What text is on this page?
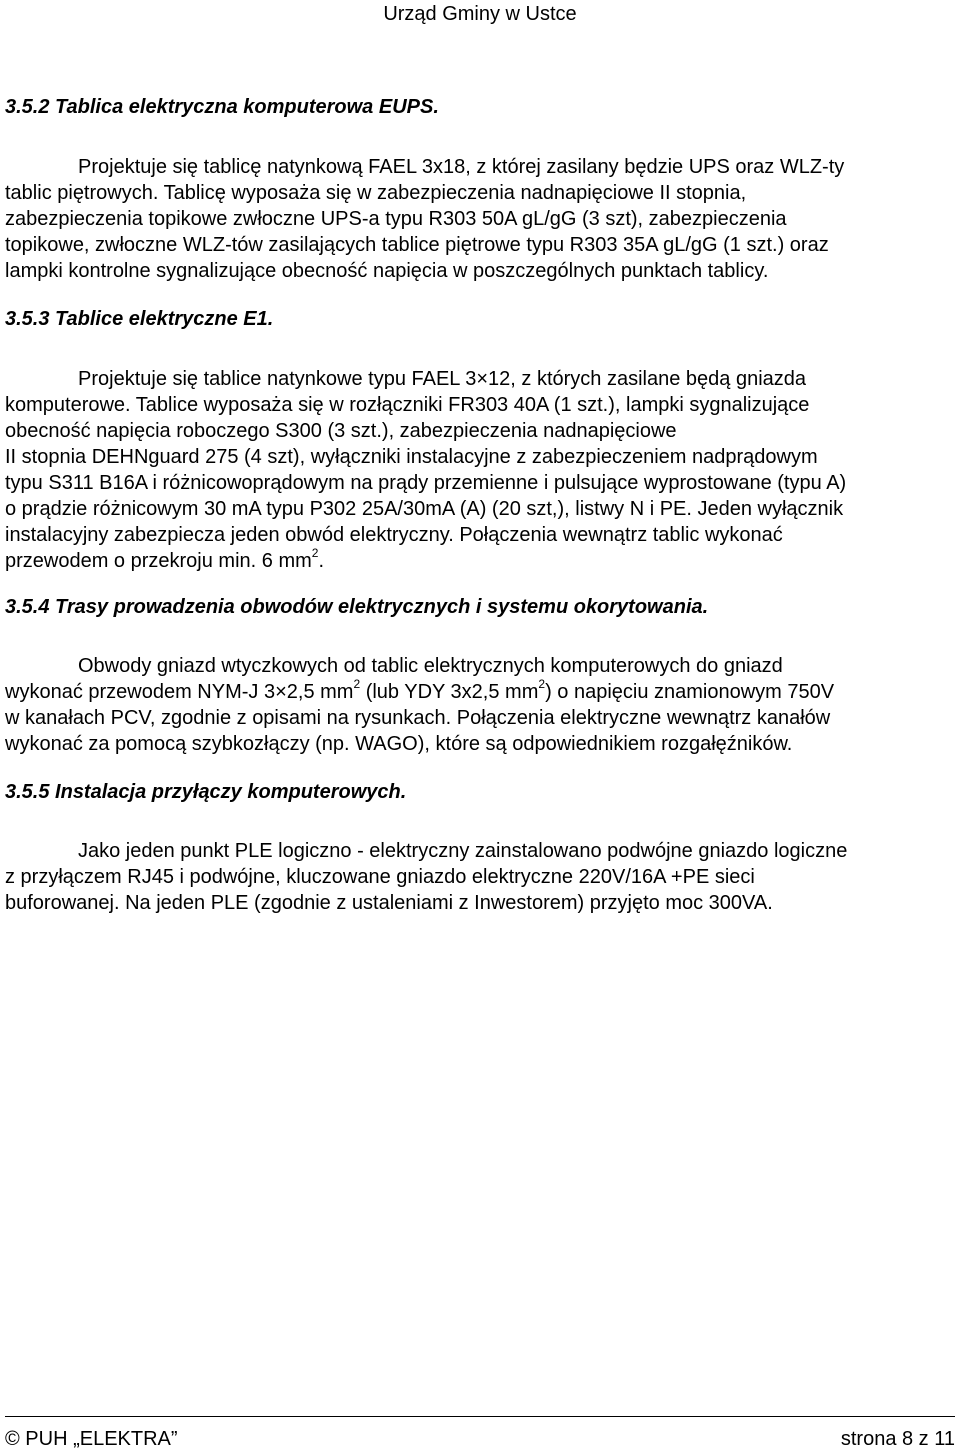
Urząd Gminy w Ustce
3.5.2 Tablica elektryczna komputerowa EUPS.
Projektuje się tablicę natynkową FAEL 3x18, z której zasilany będzie UPS oraz WLZ-ty
tablic piętrowych. Tablicę wyposaża się w zabezpieczenia nadnapięciowe II stopnia,
zabezpieczenia topikowe zwłoczne UPS-a typu R303 50A gL/gG (3 szt), zabezpieczenia
topikowe, zwłoczne WLZ-tów zasilających tablice piętrowe typu R303 35A gL/gG (1 szt.) oraz
lampki kontrolne sygnalizujące obecność napięcia w poszczególnych punktach tablicy.
3.5.3 Tablice elektryczne E1.
Projektuje się tablice natynkowe typu FAEL 3×12, z których zasilane będą gniazda
komputerowe. Tablice wyposaża się w rozłączniki FR303 40A (1 szt.), lampki sygnalizujące
obecność napięcia roboczego S300 (3 szt.), zabezpieczenia nadnapięciowe
II stopnia DEHNguard 275 (4 szt), wyłączniki instalacyjne z zabezpieczeniem nadprądowym
typu S311 B16A i różnicowoprądowym na prądy przemienne i pulsujące wyprostowane (typu A)
o prądzie różnicowym 30 mA typu P302 25A/30mA (A) (20 szt,), listwy N i PE. Jeden wyłącznik
instalacyjny zabezpiecza jeden obwód elektryczny. Połączenia wewnątrz tablic wykonać
przewodem o przekroju min. 6 $mm^2$.
3.5.4 Trasy prowadzenia obwodów elektrycznych i systemu okorytowania.
Obwody gniazd wtyczkowych od tablic elektrycznych komputerowych do gniazd
wykonać przewodem NYM-J 3×2,5 $mm^2$ (lub YDY 3x2,5 $mm^2$) o napięciu znamionowym 750V
w kanałach PCV, zgodnie z opisami na rysunkach. Połączenia elektryczne wewnątrz kanałów
wykonać za pomocą szybkozłączy (np. WAGO), które są odpowiednikiem rozgałęźników.
3.5.5 Instalacja przyłączy komputerowych.
Jako jeden punkt PLE logiczno - elektryczny zainstalowano podwójne gniazdo logiczne
z przyłączem RJ45 i podwójne, kluczowane gniazdo elektryczne 220V/16A +PE sieci
buforowanej. Na jeden PLE (zgodnie z ustaleniami z Inwestorem) przyjęto moc 300VA.
© PUH „ELEKTRA”	strona 8 z 11
